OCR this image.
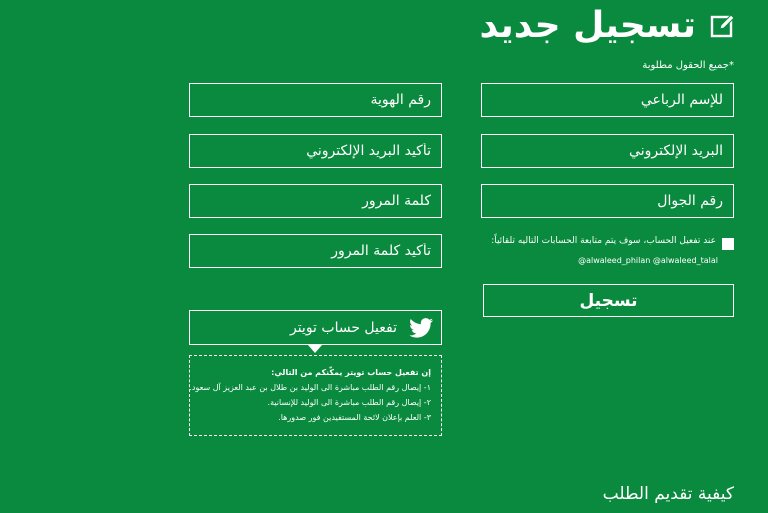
تسجيل جديد
*جميع الحقول مطلوبة
للإسم الرباعي
رقم الهوية
البريد الإلكتروني
تأكيد البريد الإلكتروني
رقم الجوال
كلمة المرور
تأكيد كلمة المرور
عند تفعيل الحساب، سوف يتم متابعة الحسابات التاليه تلقائياً:
@alwaleed_philan @alwaleed_talal
تسجيل
تفعيل حساب تويتر
إن تفعيل حساب تويتر يمكّنكم من التالي:
١- إيصال رقم الطلب مباشرة الى الوليد بن طلال بن عبد العزيز آل سعود.
٢- إيصال رقم الطلب مباشرة الى الوليد للإنسانية.
٣- العلم بإعلان لائحة المستفيدين فور صدورها.
كيفية تقديم الطلب
